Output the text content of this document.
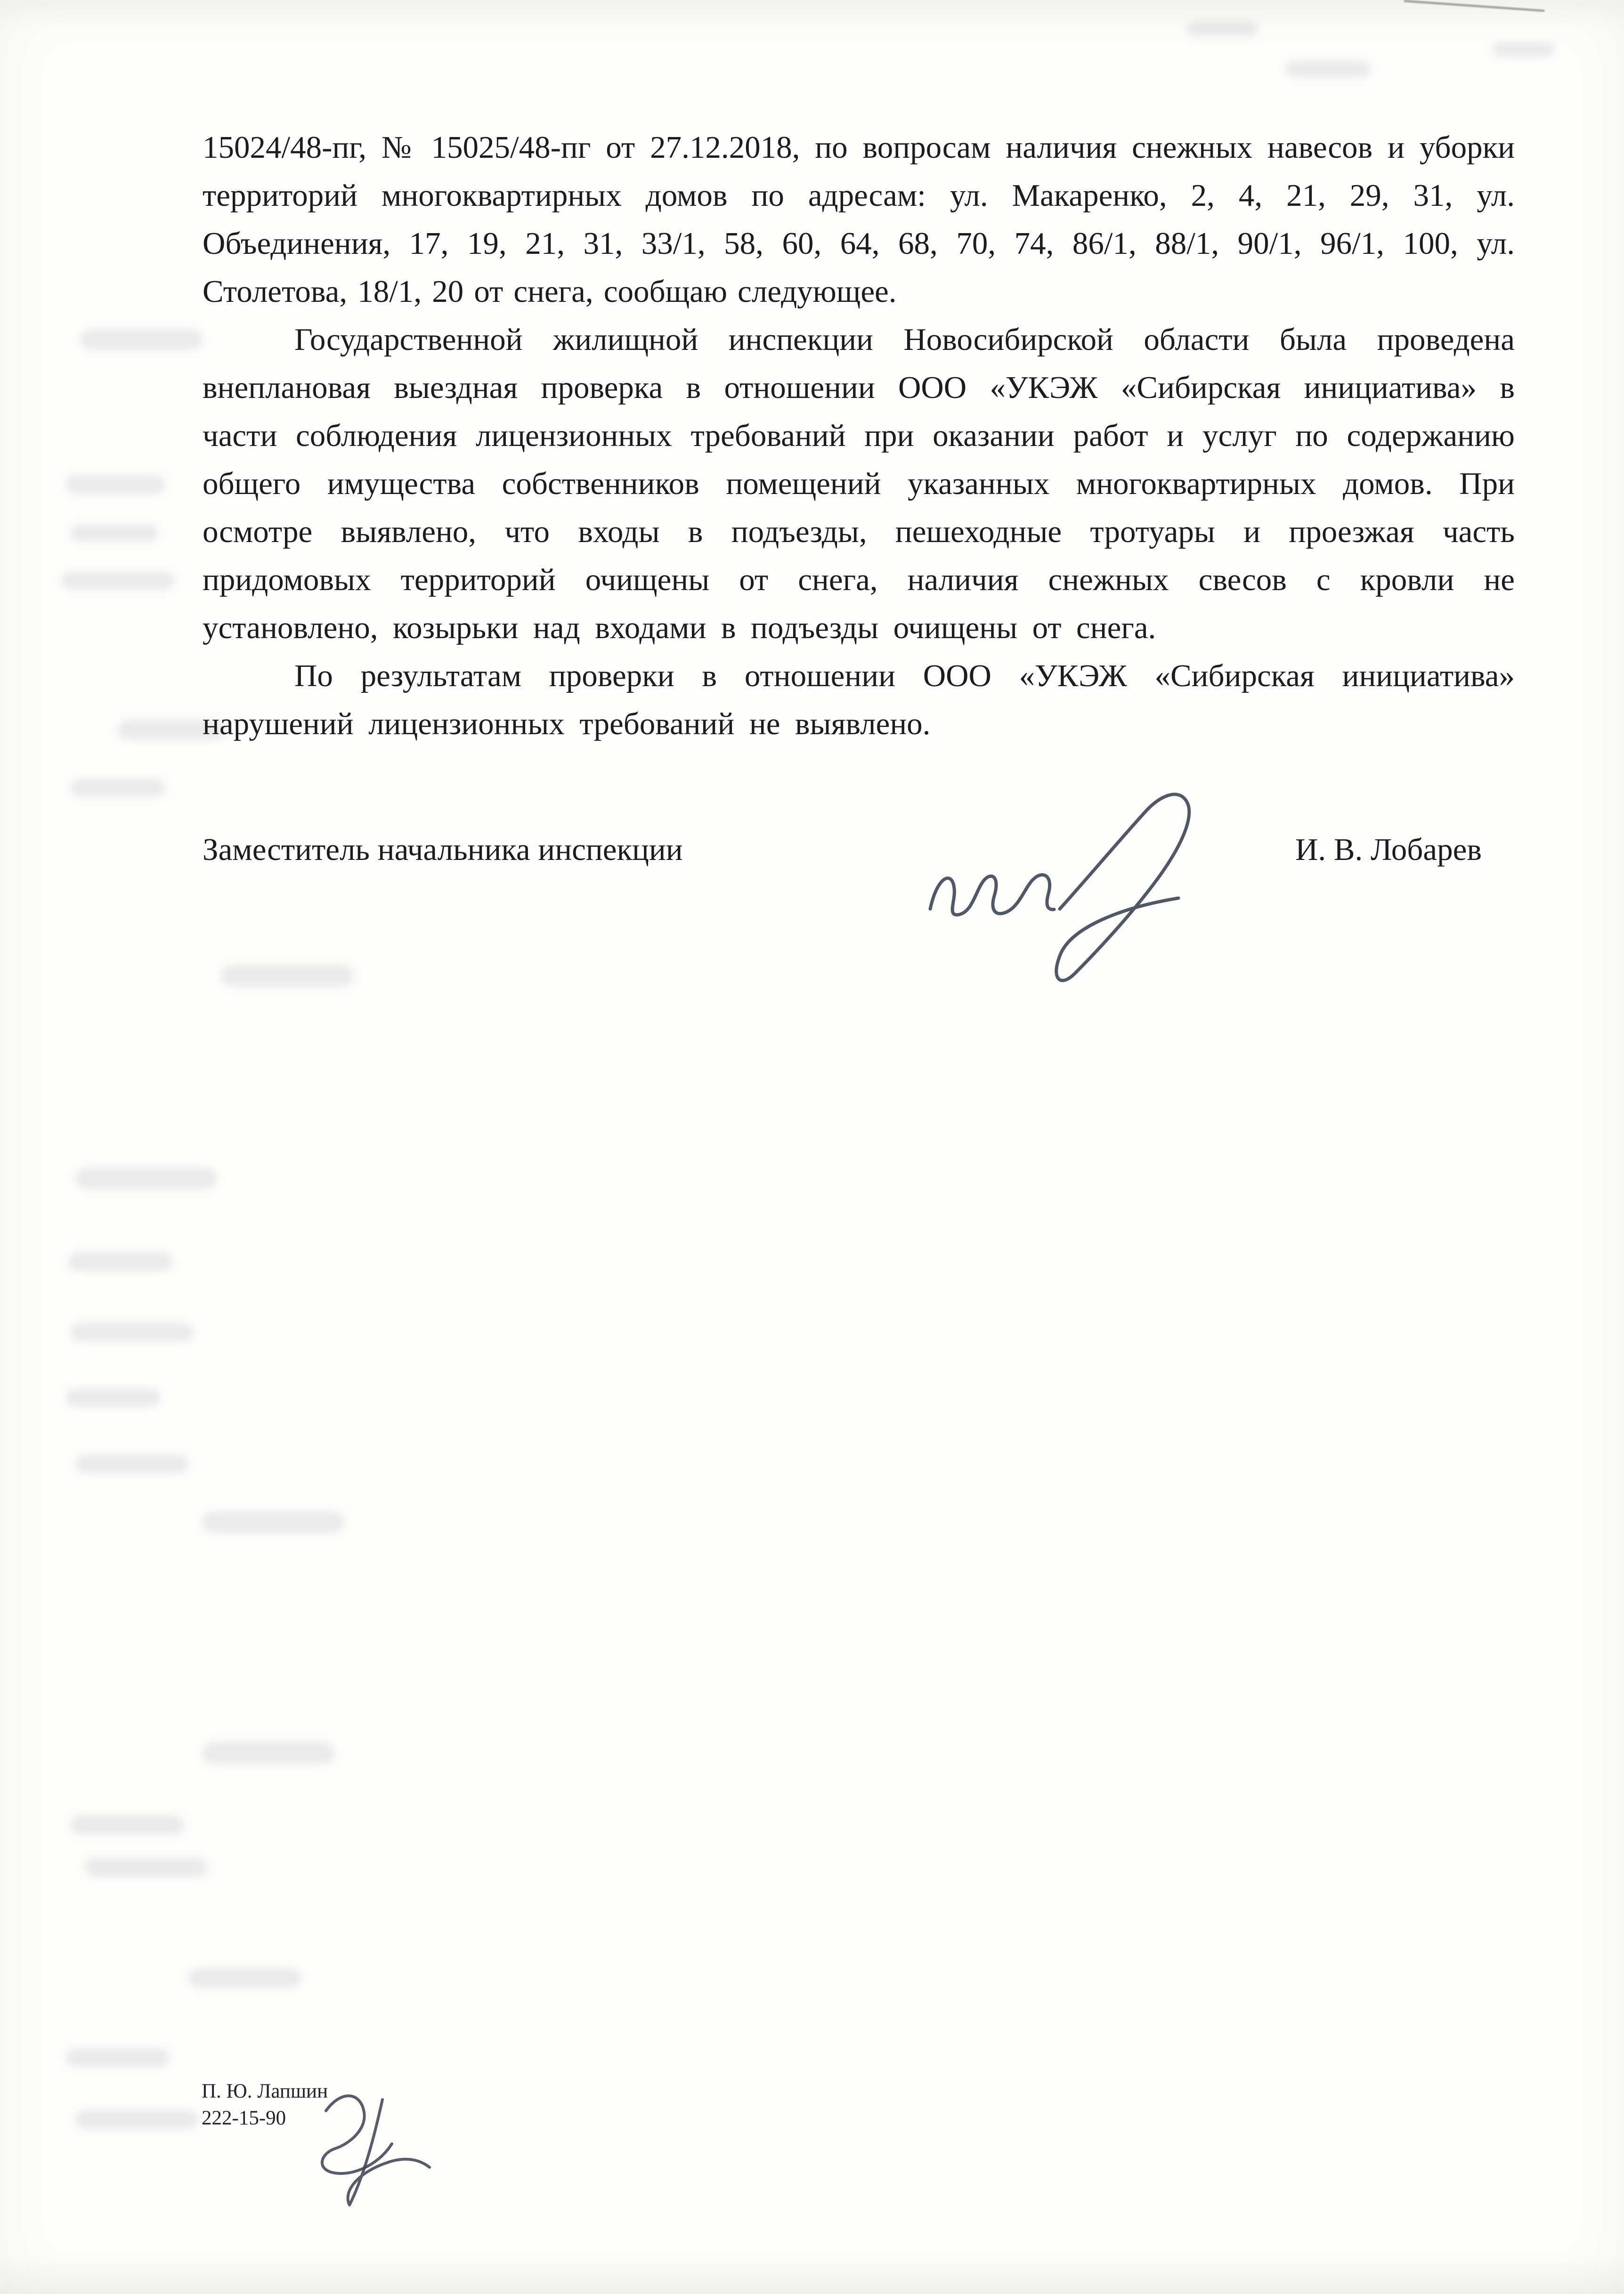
15024/48-пг, № 15025/48-пг от 27.12.2018, по вопросам наличия снежных навесов и уборки территорий многоквартирных домов по адресам: ул. Макаренко, 2, 4, 21, 29, 31, ул. Объединения, 17, 19, 21, 31, 33/1, 58, 60, 64, 68, 70, 74, 86/1, 88/1, 90/1, 96/1, 100, ул. Столетова, 18/1, 20 от снега, сообщаю следующее.

Государственной жилищной инспекции Новосибирской области была проведена внеплановая выездная проверка в отношении ООО «УКЭЖ «Сибирская инициатива» в части соблюдения лицензионных требований при оказании работ и услуг по содержанию общего имущества собственников помещений указанных многоквартирных домов. При осмотре выявлено, что входы в подъезды, пешеходные тротуары и проезжая часть придомовых территорий очищены от снега, наличия снежных свесов с кровли не установлено, козырьки над входами в подъезды очищены от снега.

По результатам проверки в отношении ООО «УКЭЖ «Сибирская инициатива» нарушений лицензионных требований не выявлено.

Заместитель начальника инспекции	И. В. Лобарев
П. Ю. Лапшин
222-15-90
